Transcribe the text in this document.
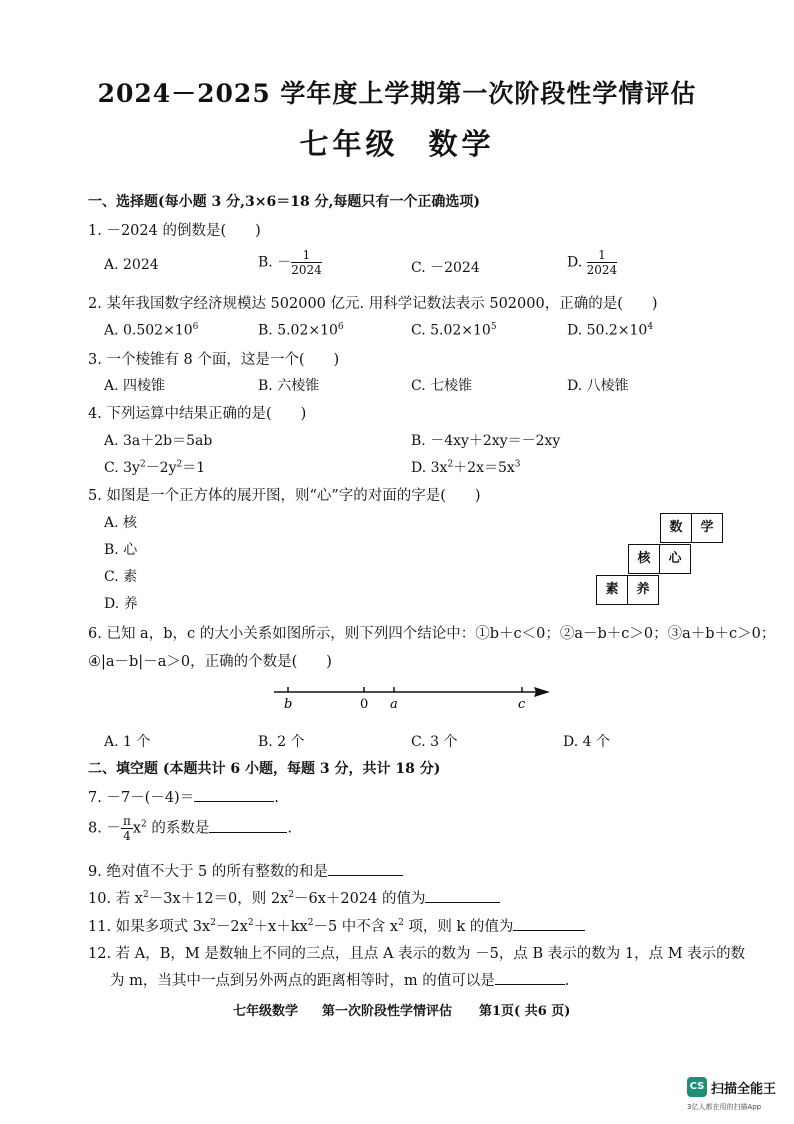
2024－2025 学年度上学期第一次阶段性学情评估
七年级 数学
一、选择题(每小题 3 分,3×6＝18 分,每题只有一个正确选项)
1. －2024 的倒数是(　　)
A. 2024	B. － $\frac{1}{2024}$	C. －2024	D. $\frac{1}{2024}$
2. 某年我国数字经济规模达 502000 亿元. 用科学记数法表示 502000，正确的是(　　)
A. $0.502\times 10^6$	B. $5.02\times 10^6$	C. $5.02\times 10^5$	D. $50.2\times 10^4$
3. 一个棱锥有 8 个面，这是一个(　　)
A. 四棱锥	B. 六棱锥	C. 七棱锥	D. 八棱锥
4. 下列运算中结果正确的是(　　)
A. 3a＋2b＝5ab	B. －4xy＋2xy＝－2xy
C. $3y^2-2y^2=1$	D. $3x^2+2x=5x^3$
5. 如图是一个正方体的展开图，则“心”字的对面的字是(　　)
A. 核
B. 心
C. 素
D. 养
数	学
核	心
素	养
6. 已知 a，b，c 的大小关系如图所示，则下列四个结论中：①b＋c＜0；②a－b＋c＞0；③a＋b＋c＞0；
④|a－b|－a＞0，正确的个数是(　　)
b	0 a	c
A. 1 个	B. 2 个	C. 3 个	D. 4 个
二、填空题 (本题共计 6 小题，每题 3 分，共计 18 分)
7. －7－(－4)＝	.
8. － $\frac{\pi}{4} x^2$ 的系数是	.
9. 绝对值不大于 5 的所有整数的和是
10. 若 $x^2-3x+12=0$，则 $2x^2-6x+2024$ 的值为
11. 如果多项式 $3x^2-2x^2+x+kx^2-5$ 中不含 $x^2$ 项，则 k 的值为
12. 若 A，B，M 是数轴上不同的三点，且点 A 表示的数为 －5，点 B 表示的数为 1，点 M 表示的数
为 m，当其中一点到另外两点的距离相等时，m 的值可以是	.
七年级数学 第一次阶段性学情评估 第1页( 共6 页)
CS 扫描全能王
3亿人都在用的扫描App
